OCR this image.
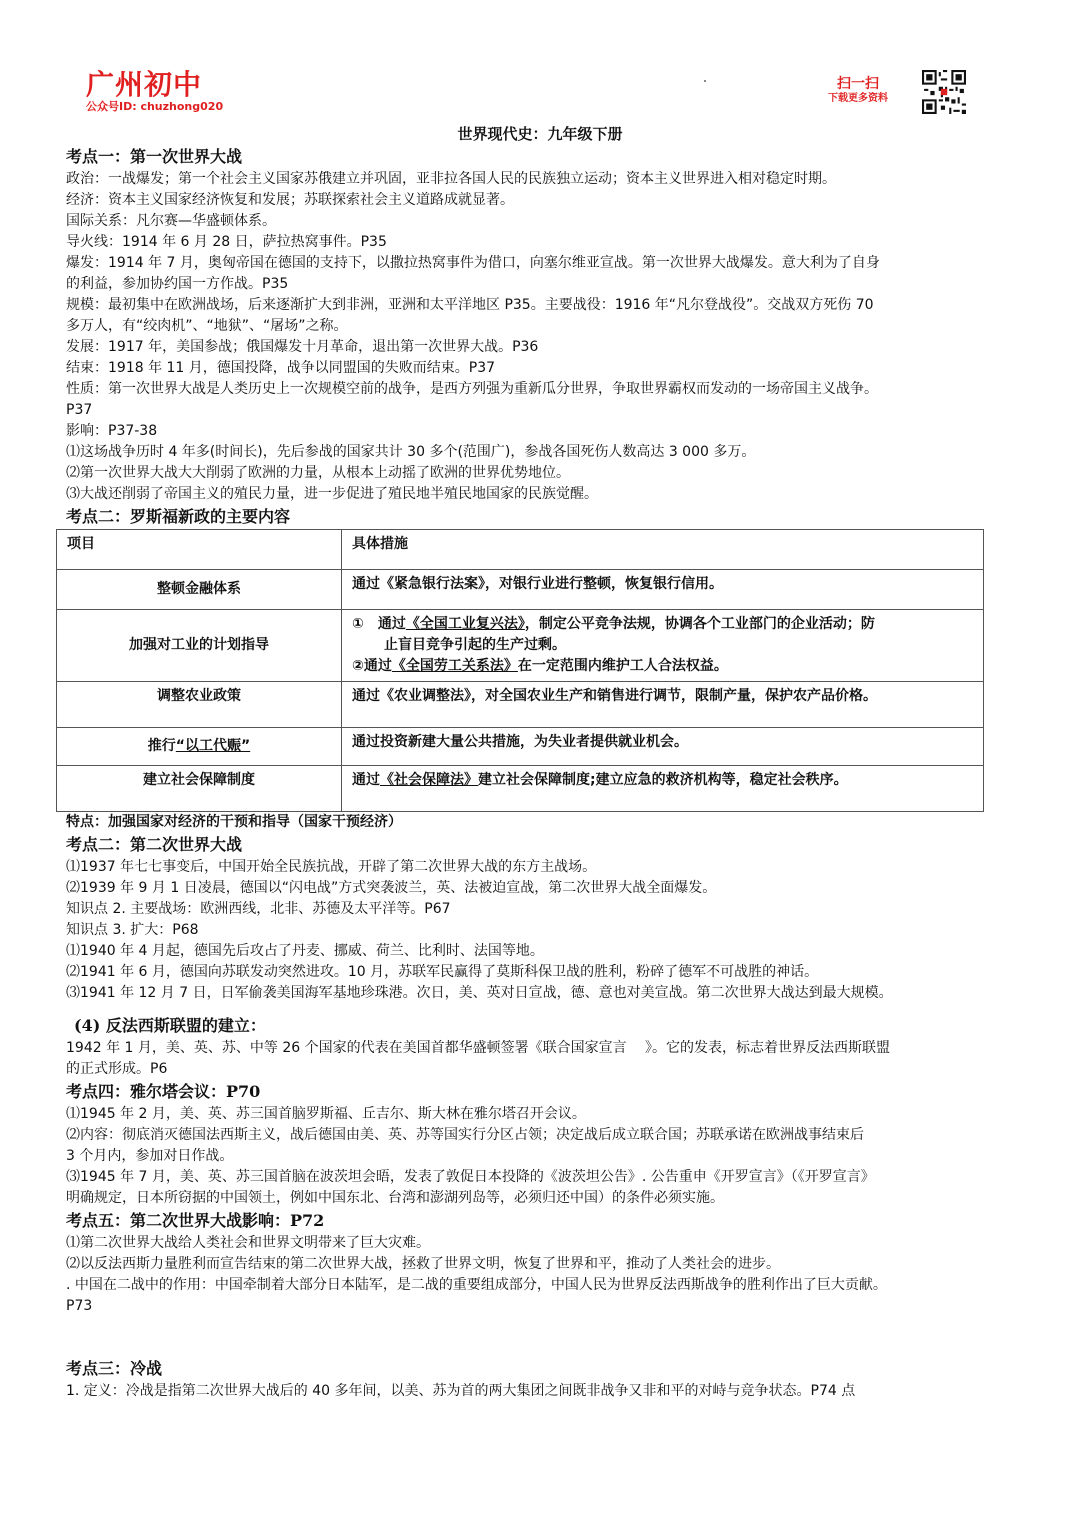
广州初中
公众号ID: chuzhong020
扫一扫
下载更多资料
世界现代史：九年级下册
考点一：第一次世界大战
政治：一战爆发；第一个社会主义国家苏俄建立并巩固，亚非拉各国人民的民族独立运动；资本主义世界进入相对稳定时期。
经济：资本主义国家经济恢复和发展；苏联探索社会主义道路成就显著。
国际关系：凡尔赛—华盛顿体系。
导火线：1914 年 6 月 28 日，萨拉热窝事件。P35
爆发：1914 年 7 月，奥匈帝国在德国的支持下，以撒拉热窝事件为借口，向塞尔维亚宣战。第一次世界大战爆发。意大利为了自身
的利益，参加协约国一方作战。P35
规模：最初集中在欧洲战场，后来逐渐扩大到非洲，亚洲和太平洋地区 P35。主要战役：1916 年“凡尔登战役”。交战双方死伤 70
多万人，有“绞肉机”、“地狱”、“屠场”之称。
发展：1917 年，美国参战；俄国爆发十月革命，退出第一次世界大战。P36
结束：1918 年 11 月，德国投降，战争以同盟国的失败而结束。P37
性质：第一次世界大战是人类历史上一次规模空前的战争，是西方列强为重新瓜分世界，争取世界霸权而发动的一场帝国主义战争。
P37
影响：P37-38
⑴这场战争历时 4 年多(时间长)，先后参战的国家共计 30 多个(范围广)，参战各国死伤人数高达 3 000 多万。
⑵第一次世界大战大大削弱了欧洲的力量，从根本上动摇了欧洲的世界优势地位。
⑶大战还削弱了帝国主义的殖民力量，进一步促进了殖民地半殖民地国家的民族觉醒。
考点二：罗斯福新政的主要内容
项目	具体措施
整顿金融体系	通过《紧急银行法案》，对银行业进行整顿，恢复银行信用。
加强对工业的计划指导	①　通过《全国工业复兴法》，制定公平竞争法规，协调各个工业部门的企业活动；防
止盲目竞争引起的生产过剩。
②通过《全国劳工关系法》在一定范围内维护工人合法权益。
调整农业政策	通过《农业调整法》，对全国农业生产和销售进行调节，限制产量，保护农产品价格。
推行“以工代赈”	通过投资新建大量公共措施，为失业者提供就业机会。
建立社会保障制度	通过《社会保障法》建立社会保障制度;建立应急的救济机构等，稳定社会秩序。
特点：加强国家对经济的干预和指导（国家干预经济）
考点二：第二次世界大战
⑴1937 年七七事变后，中国开始全民族抗战，开辟了第二次世界大战的东方主战场。
⑵1939 年 9 月 1 日凌晨，德国以“闪电战”方式突袭波兰，英、法被迫宣战，第二次世界大战全面爆发。
知识点 2. 主要战场：欧洲西线，北非、苏德及太平洋等。P67
知识点 3. 扩大：P68
⑴1940 年 4 月起，德国先后攻占了丹麦、挪威、荷兰、比利时、法国等地。
⑵1941 年 6 月，德国向苏联发动突然进攻。10 月，苏联军民赢得了莫斯科保卫战的胜利，粉碎了德军不可战胜的神话。
⑶1941 年 12 月 7 日，日军偷袭美国海军基地珍珠港。次日，美、英对日宣战，德、意也对美宣战。第二次世界大战达到最大规模。
(4) 反法西斯联盟的建立：
1942 年 1 月，美、英、苏、中等 26 个国家的代表在美国首都华盛顿签署《联合国家宣言　 》。它的发表，标志着世界反法西斯联盟
的正式形成。P6
考点四：雅尔塔会议：P70
⑴1945 年 2 月，美、英、苏三国首脑罗斯福、丘吉尔、斯大林在雅尔塔召开会议。
⑵内容：彻底消灭德国法西斯主义，战后德国由美、英、苏等国实行分区占领；决定战后成立联合国；苏联承诺在欧洲战事结束后
3 个月内，参加对日作战。
⑶1945 年 7 月，美、英、苏三国首脑在波茨坦会晤，发表了敦促日本投降的《波茨坦公告》. 公告重申《开罗宣言》（《开罗宣言》
明确规定，日本所窃据的中国领土，例如中国东北、台湾和澎湖列岛等，必须归还中国）的条件必须实施。
考点五：第二次世界大战影响：P72
⑴第二次世界大战给人类社会和世界文明带来了巨大灾难。
⑵以反法西斯力量胜利而宣告结束的第二次世界大战，拯救了世界文明，恢复了世界和平，推动了人类社会的进步。
. 中国在二战中的作用：中国牵制着大部分日本陆军，是二战的重要组成部分，中国人民为世界反法西斯战争的胜利作出了巨大贡献。
P73
考点三：冷战
1. 定义：冷战是指第二次世界大战后的 40 多年间，以美、苏为首的两大集团之间既非战争又非和平的对峙与竞争状态。P74 点
